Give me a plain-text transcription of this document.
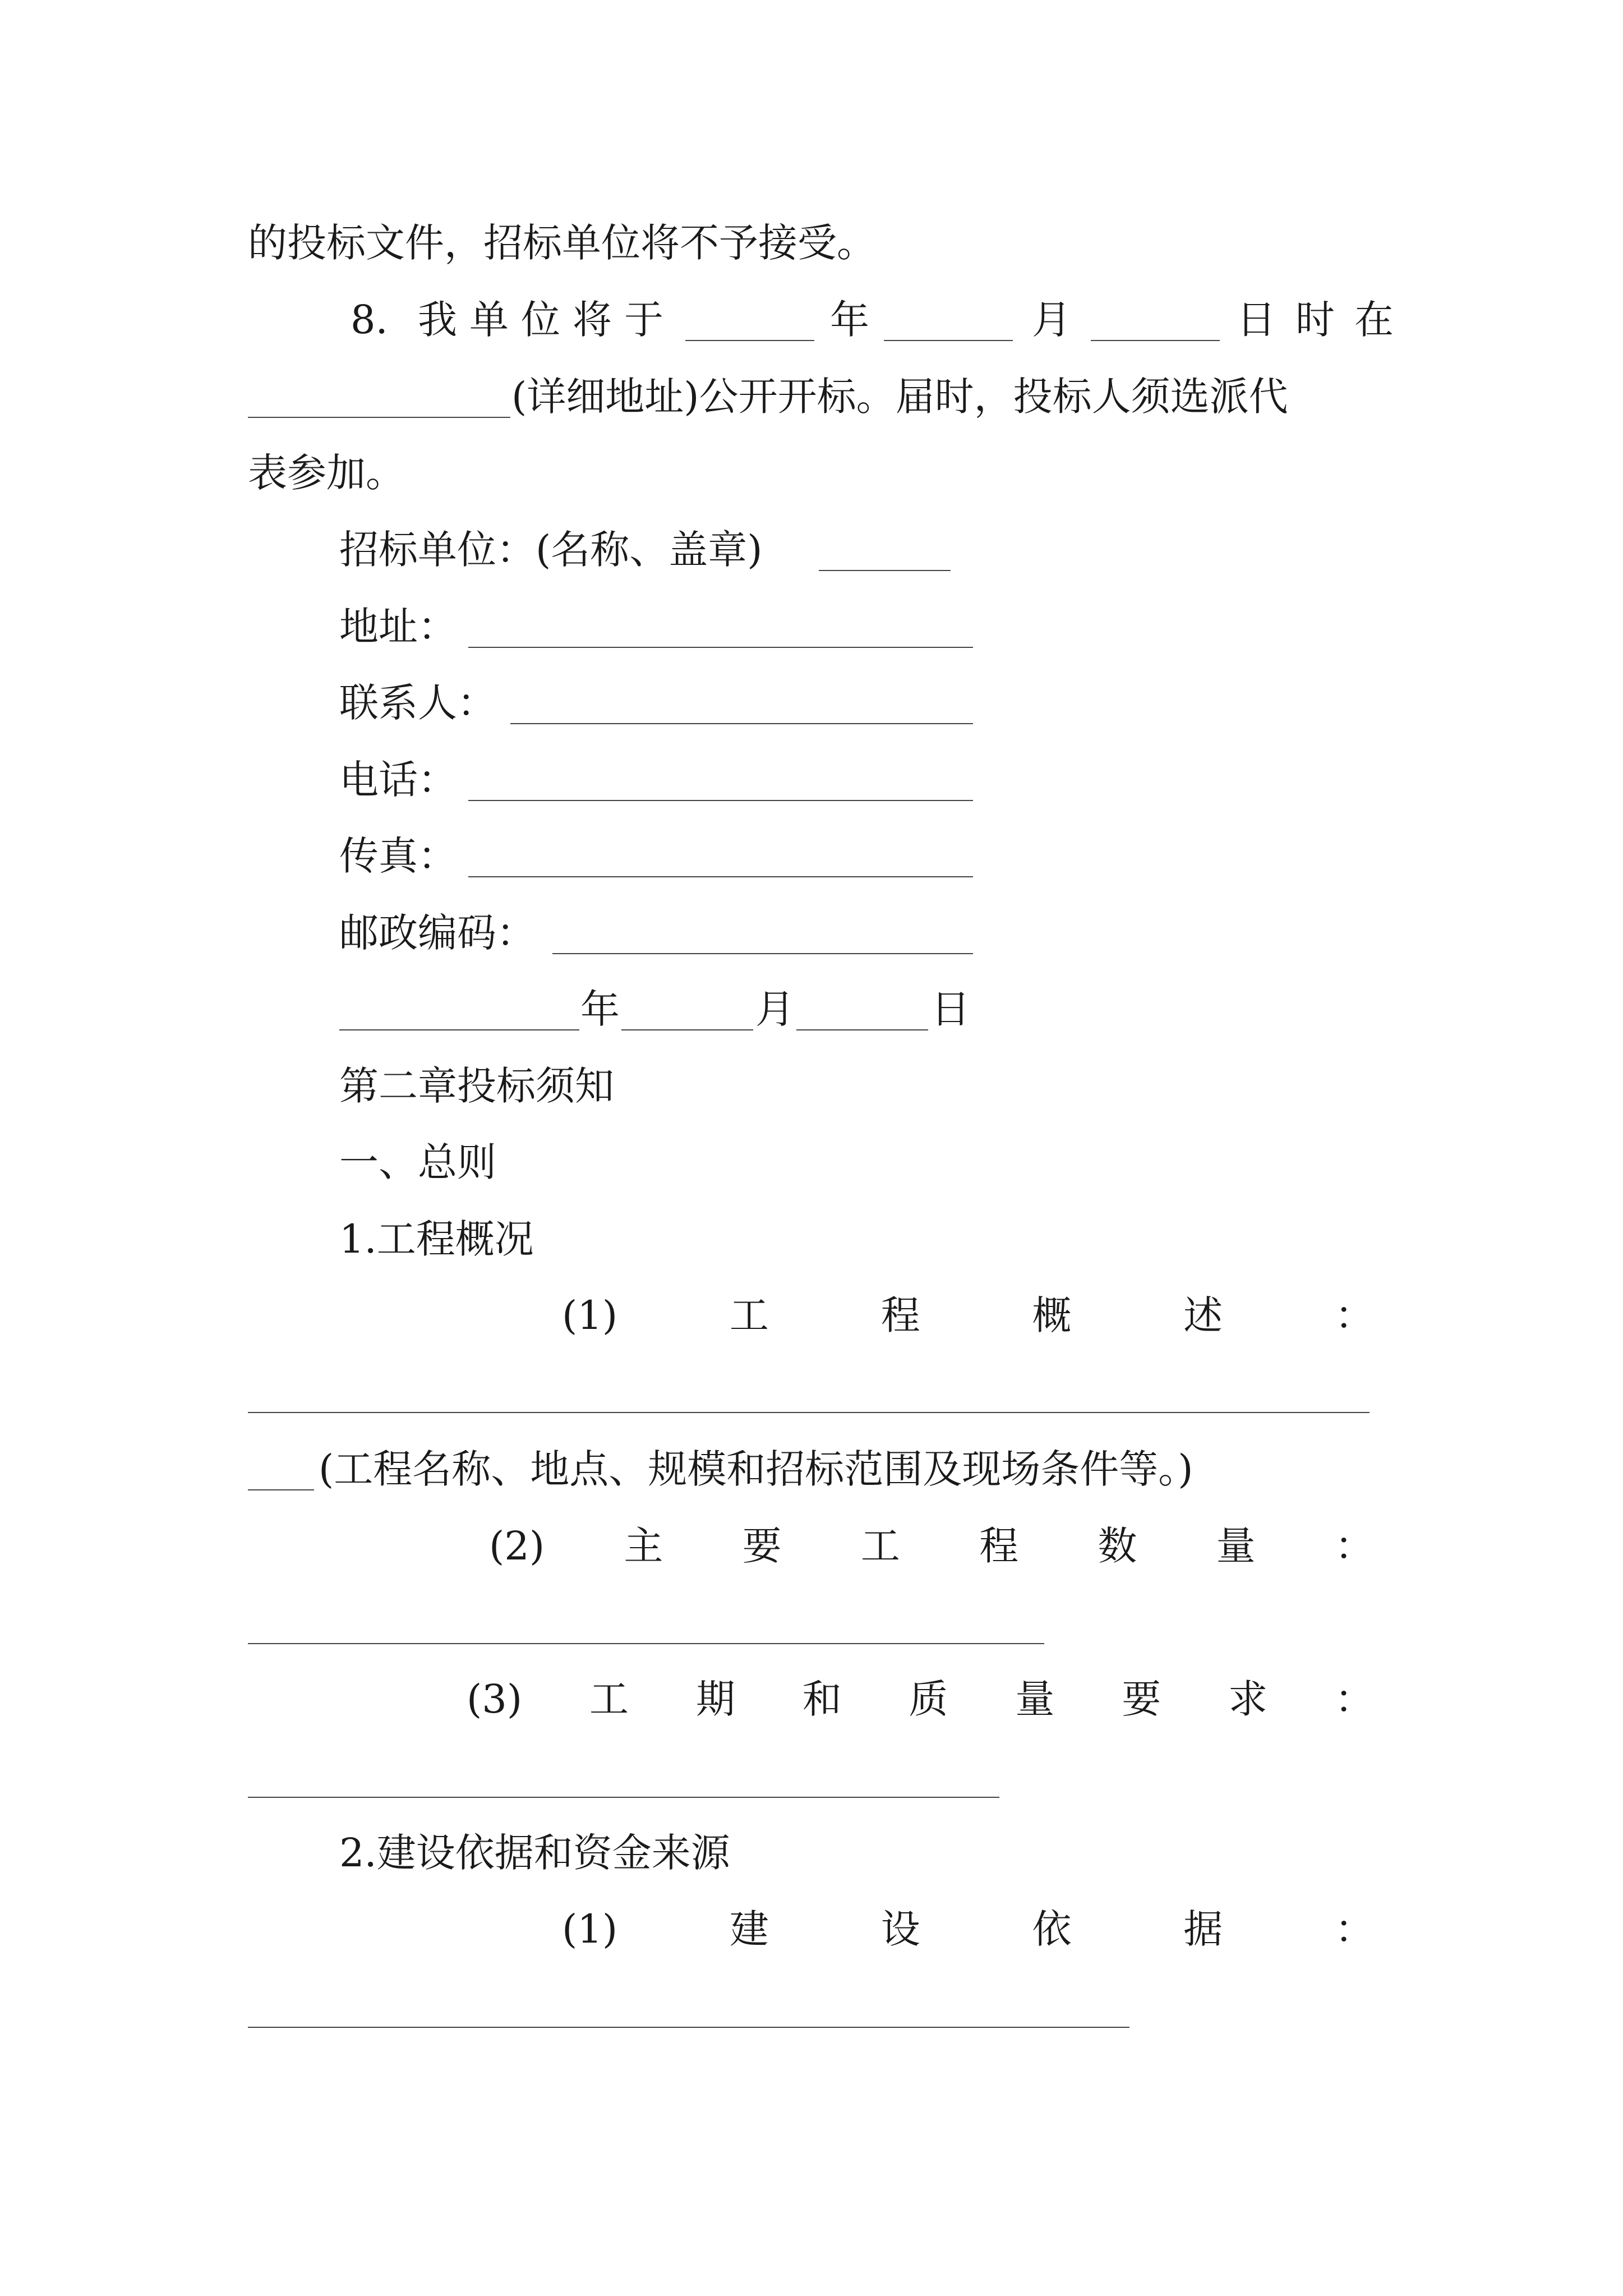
的投标文件，招标单位将不予接受。
8. 我单位将于	年	月	日时在
(详细地址)公开开标。届时，投标人须选派代
表参加。
招标单位：(名称、盖章)
地址：
联系人：
电话：
传真：
邮政编码：
年	月	日
第二章投标须知
一、总则
1.工程概况
(1)	工	程	概	述	：
(工程名称、地点、规模和招标范围及现场条件等。)
(2) 主 要 工 程 数 量 ：
(3) 工 期 和 质 量 要 求 ：
2.建设依据和资金来源
(1)	建	设	依	据	：
